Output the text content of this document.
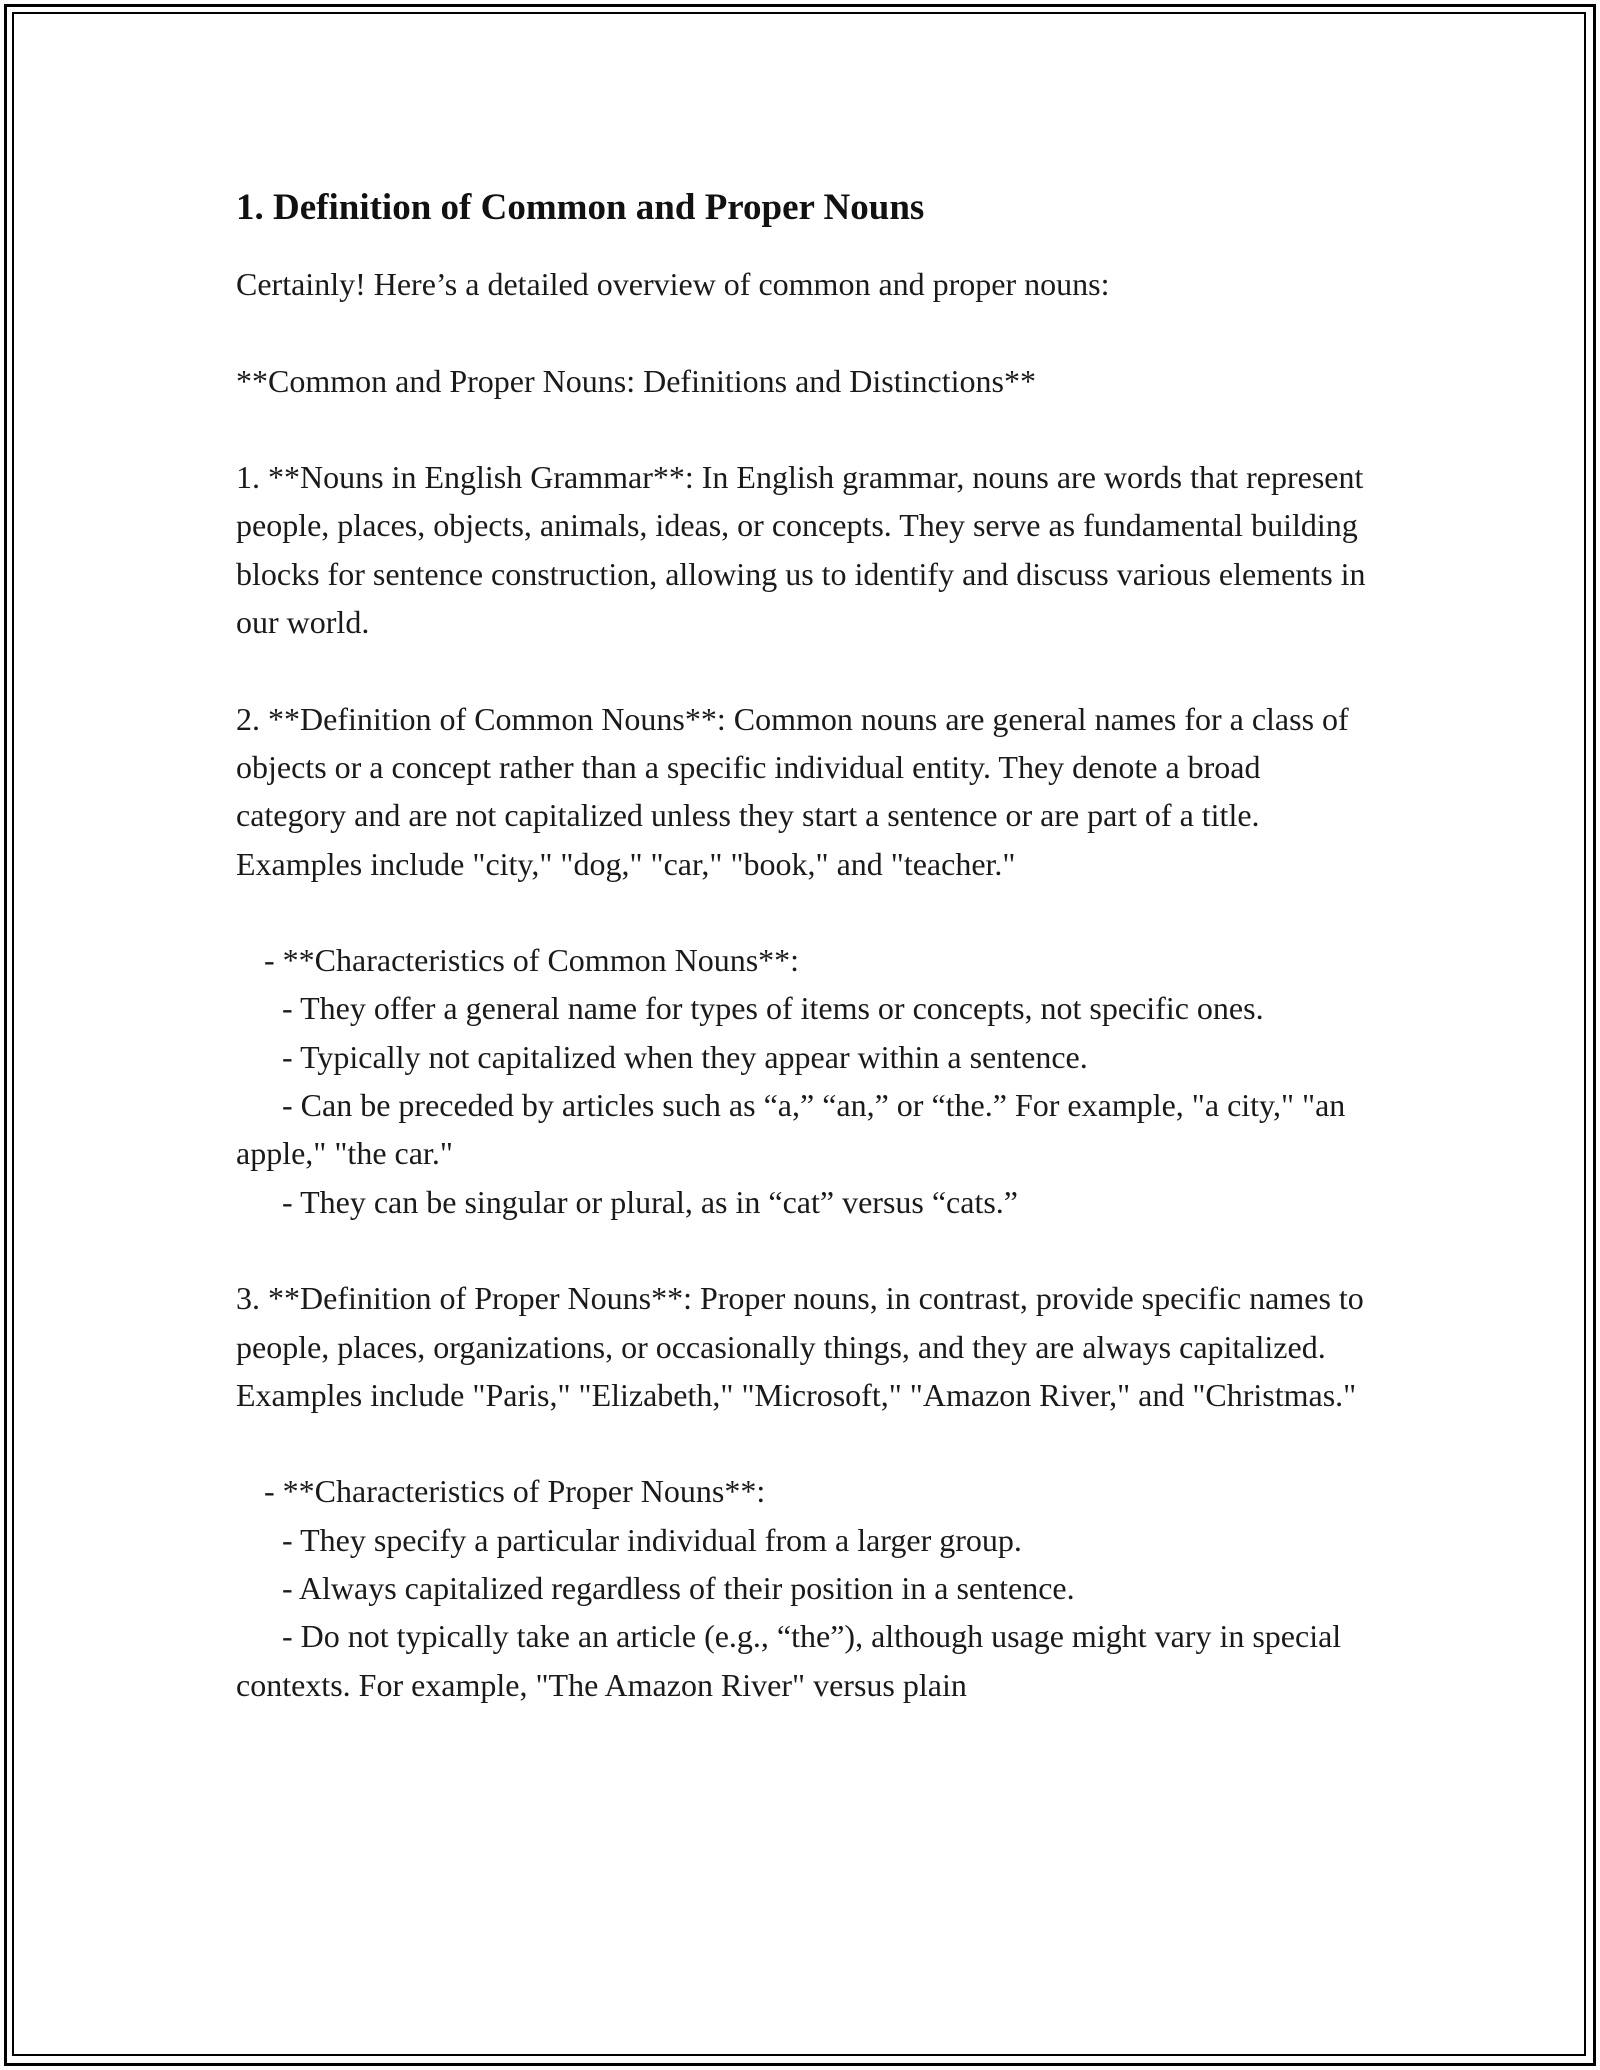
1. Definition of Common and Proper Nouns

Certainly! Here’s a detailed overview of common and proper nouns:

**Common and Proper Nouns: Definitions and Distinctions**

1. **Nouns in English Grammar**: In English grammar, nouns are words that represent people, places, objects, animals, ideas, or concepts. They serve as fundamental building blocks for sentence construction, allowing us to identify and discuss various elements in our world.

2. **Definition of Common Nouns**: Common nouns are general names for a class of objects or a concept rather than a specific individual entity. They denote a broad category and are not capitalized unless they start a sentence or are part of a title. Examples include "city," "dog," "car," "book," and "teacher."

- **Characteristics of Common Nouns**:
- They offer a general name for types of items or concepts, not specific ones.
- Typically not capitalized when they appear within a sentence.
- Can be preceded by articles such as “a,” “an,” or “the.” For example, "a city," "an apple," "the car."
- They can be singular or plural, as in “cat” versus “cats.”

3. **Definition of Proper Nouns**: Proper nouns, in contrast, provide specific names to people, places, organizations, or occasionally things, and they are always capitalized. Examples include "Paris," "Elizabeth," "Microsoft," "Amazon River," and "Christmas."

- **Characteristics of Proper Nouns**:
- They specify a particular individual from a larger group.
- Always capitalized regardless of their position in a sentence.
- Do not typically take an article (e.g., “the”), although usage might vary in special contexts. For example, "The Amazon River" versus plain
